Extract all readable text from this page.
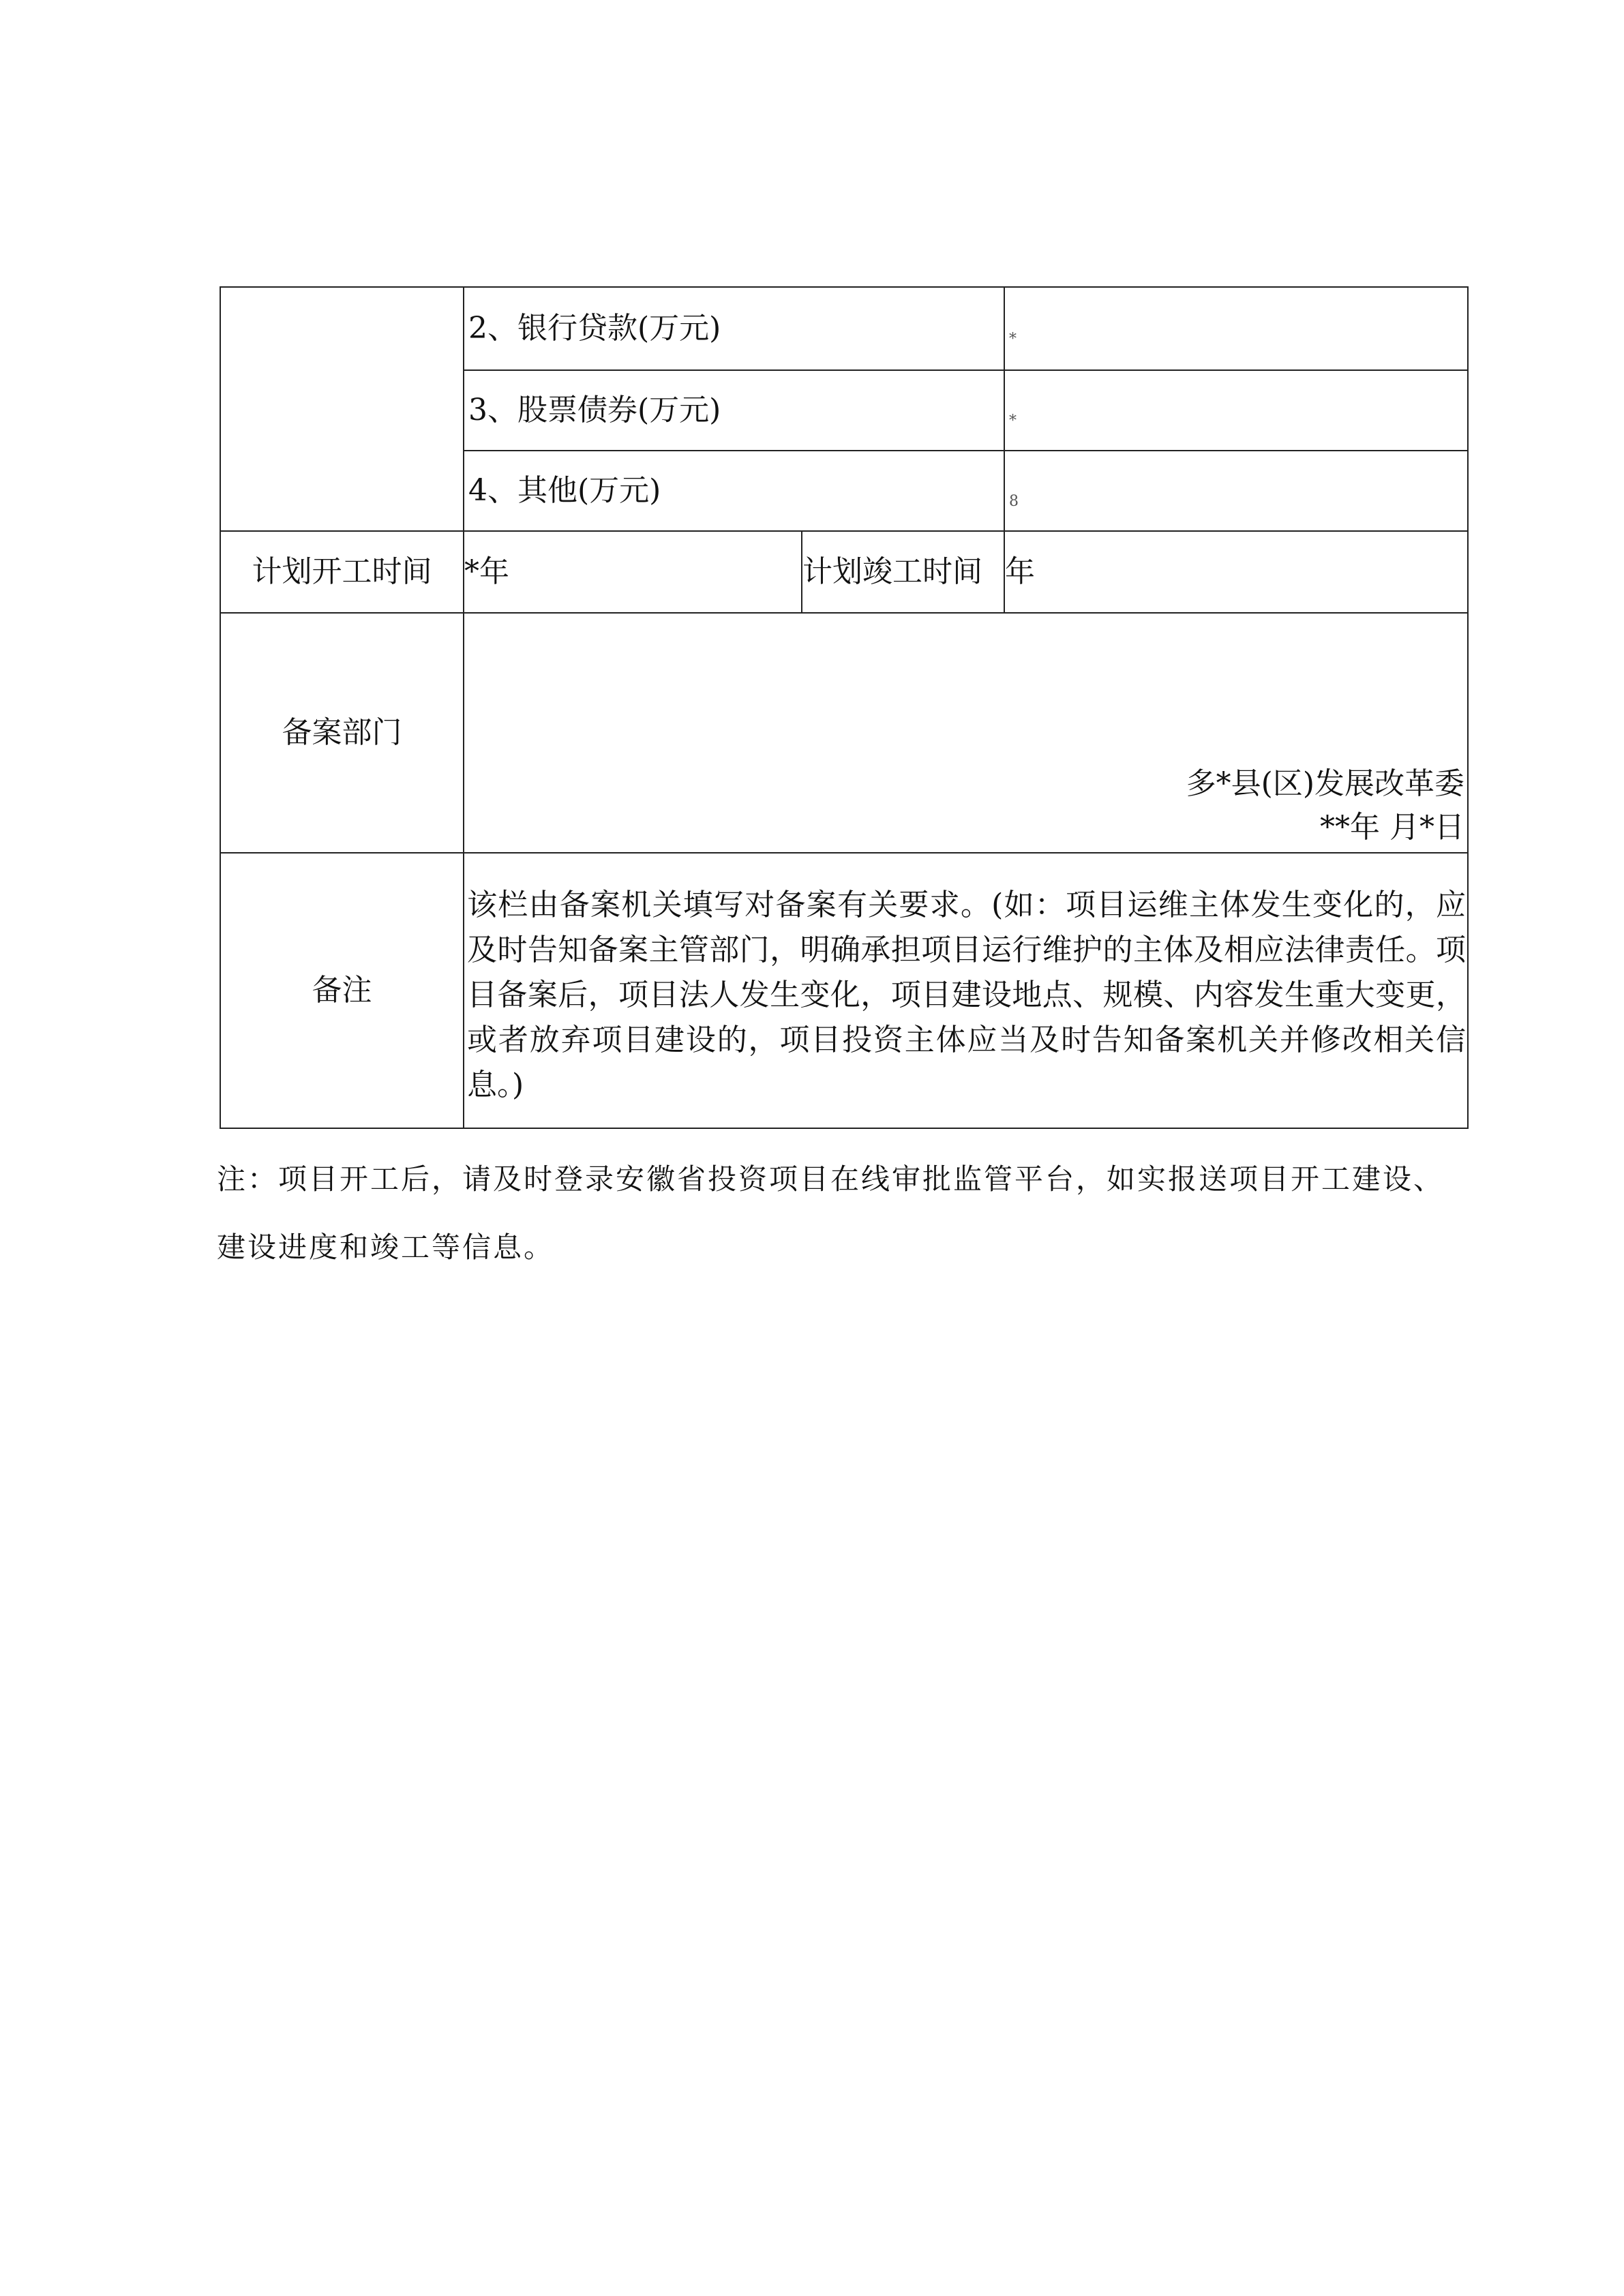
	2、银行贷款(万元)		*

	3、股票债券(万元)		*

	4、其他(万元)		8

计划开工时间	*年	计划竣工时间	年
备案部门	多*县(区)发展改革委
**年 月*日		

备注	该栏由备案机关填写对备案有关要求。(如：项目运维主体发生变化的，应及时告知备案主管部门，明确承担项目运行维护的主体及相应法律责任。项目备案后，项目法人发生变化，项目建设地点、规模、内容发生重大变更，或者放弃项目建设的，项目投资主体应当及时告知备案机关并修改相关信息。)		
注：项目开工后，请及时登录安徽省投资项目在线审批监管平台，如实报送项目开工建设、建设进度和竣工等信息。
